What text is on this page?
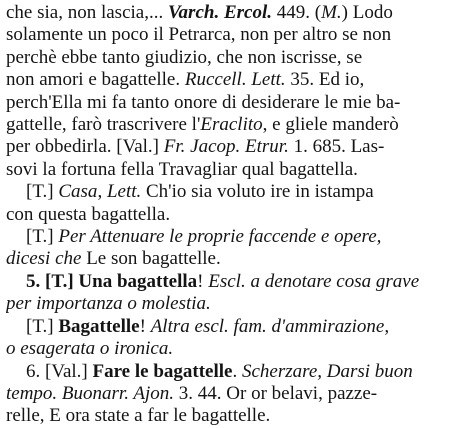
che sia, non lascia,... Varch. Ercol. 449. (M.) Lodo
solamente un poco il Petrarca, non per altro se non
perchè ebbe tanto giudizio, che non iscrisse, se
non amori e bagattelle. Ruccell. Lett. 35. Ed io,
perch'Ella mi fa tanto onore di desiderare le mie ba-
gattelle, farò trascrivere l'Eraclito, e gliele manderò
per obbedirla. [Val.] Fr. Jacop. Etrur. 1. 685. Las-
sovi la fortuna fella Travagliar qual bagattella.
[T.] Casa, Lett. Ch'io sia voluto ire in istampa
con questa bagattella.
[T.] Per Attenuare le proprie faccende e opere,
dicesi che Le son bagattelle.
5. [T.] Una bagattella! Escl. a denotare cosa grave
per importanza o molestia.
[T.] Bagattelle! Altra escl. fam. d'ammirazione,
o esagerata o ironica.
6. [Val.] Fare le bagattelle. Scherzare, Darsi buon
tempo. Buonarr. Ajon. 3. 44. Or or belavi, pazze-
relle, E ora state a far le bagattelle.
